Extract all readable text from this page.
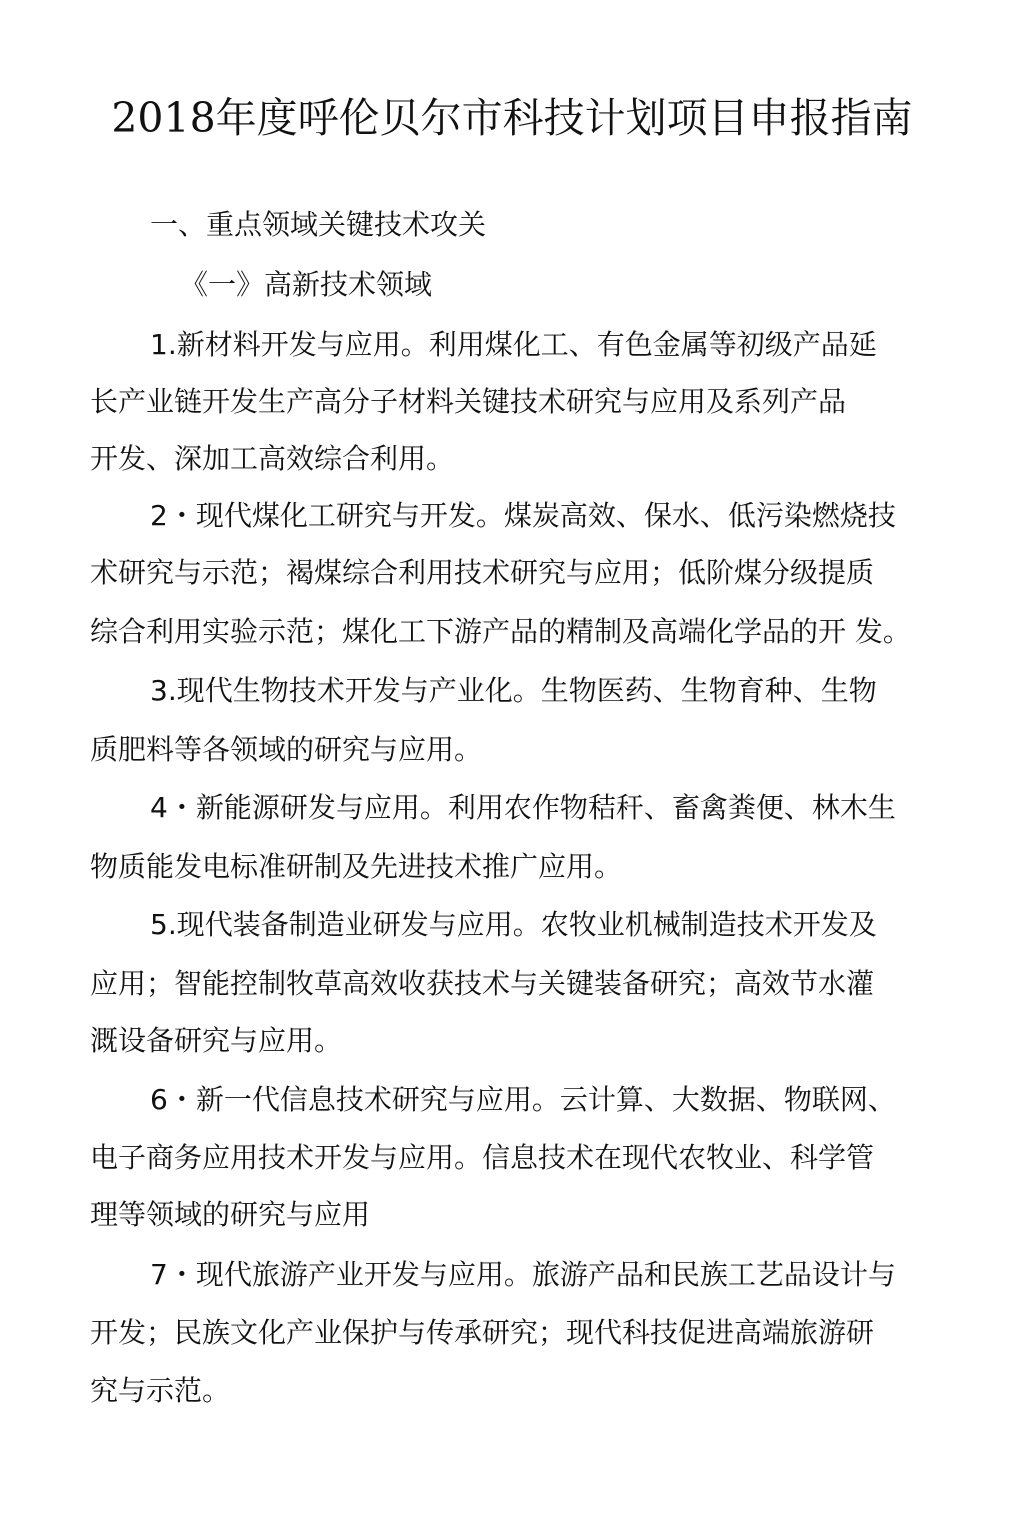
2018年度呼伦贝尔市科技计划项目申报指南
一、重点领域关键技术攻关
《一》高新技术领域
1.新材料开发与应用。利用煤化工、有色金属等初级产品延
长产业链开发生产高分子材料关键技术研究与应用及系列产品
开发、深加工高效综合利用。
2・现代煤化工研究与开发。煤炭高效、保水、低污染燃烧技
术研究与示范；褐煤综合利用技术研究与应用；低阶煤分级提质
综合利用实验示范；煤化工下游产品的精制及高端化学品的开 发。
3.现代生物技术开发与产业化。生物医药、生物育种、生物
质肥料等各领域的研究与应用。
4・新能源研发与应用。利用农作物秸秆、畜禽粪便、林木生
物质能发电标准研制及先进技术推广应用。
5.现代装备制造业研发与应用。农牧业机械制造技术开发及
应用；智能控制牧草高效收获技术与关键装备研究；高效节水灌
溉设备研究与应用。
6・新一代信息技术研究与应用。云计算、大数据、物联网、
电子商务应用技术开发与应用。信息技术在现代农牧业、科学管
理等领域的研究与应用
7・现代旅游产业开发与应用。旅游产品和民族工艺品设计与
开发；民族文化产业保护与传承研究；现代科技促进高端旅游研
究与示范。
